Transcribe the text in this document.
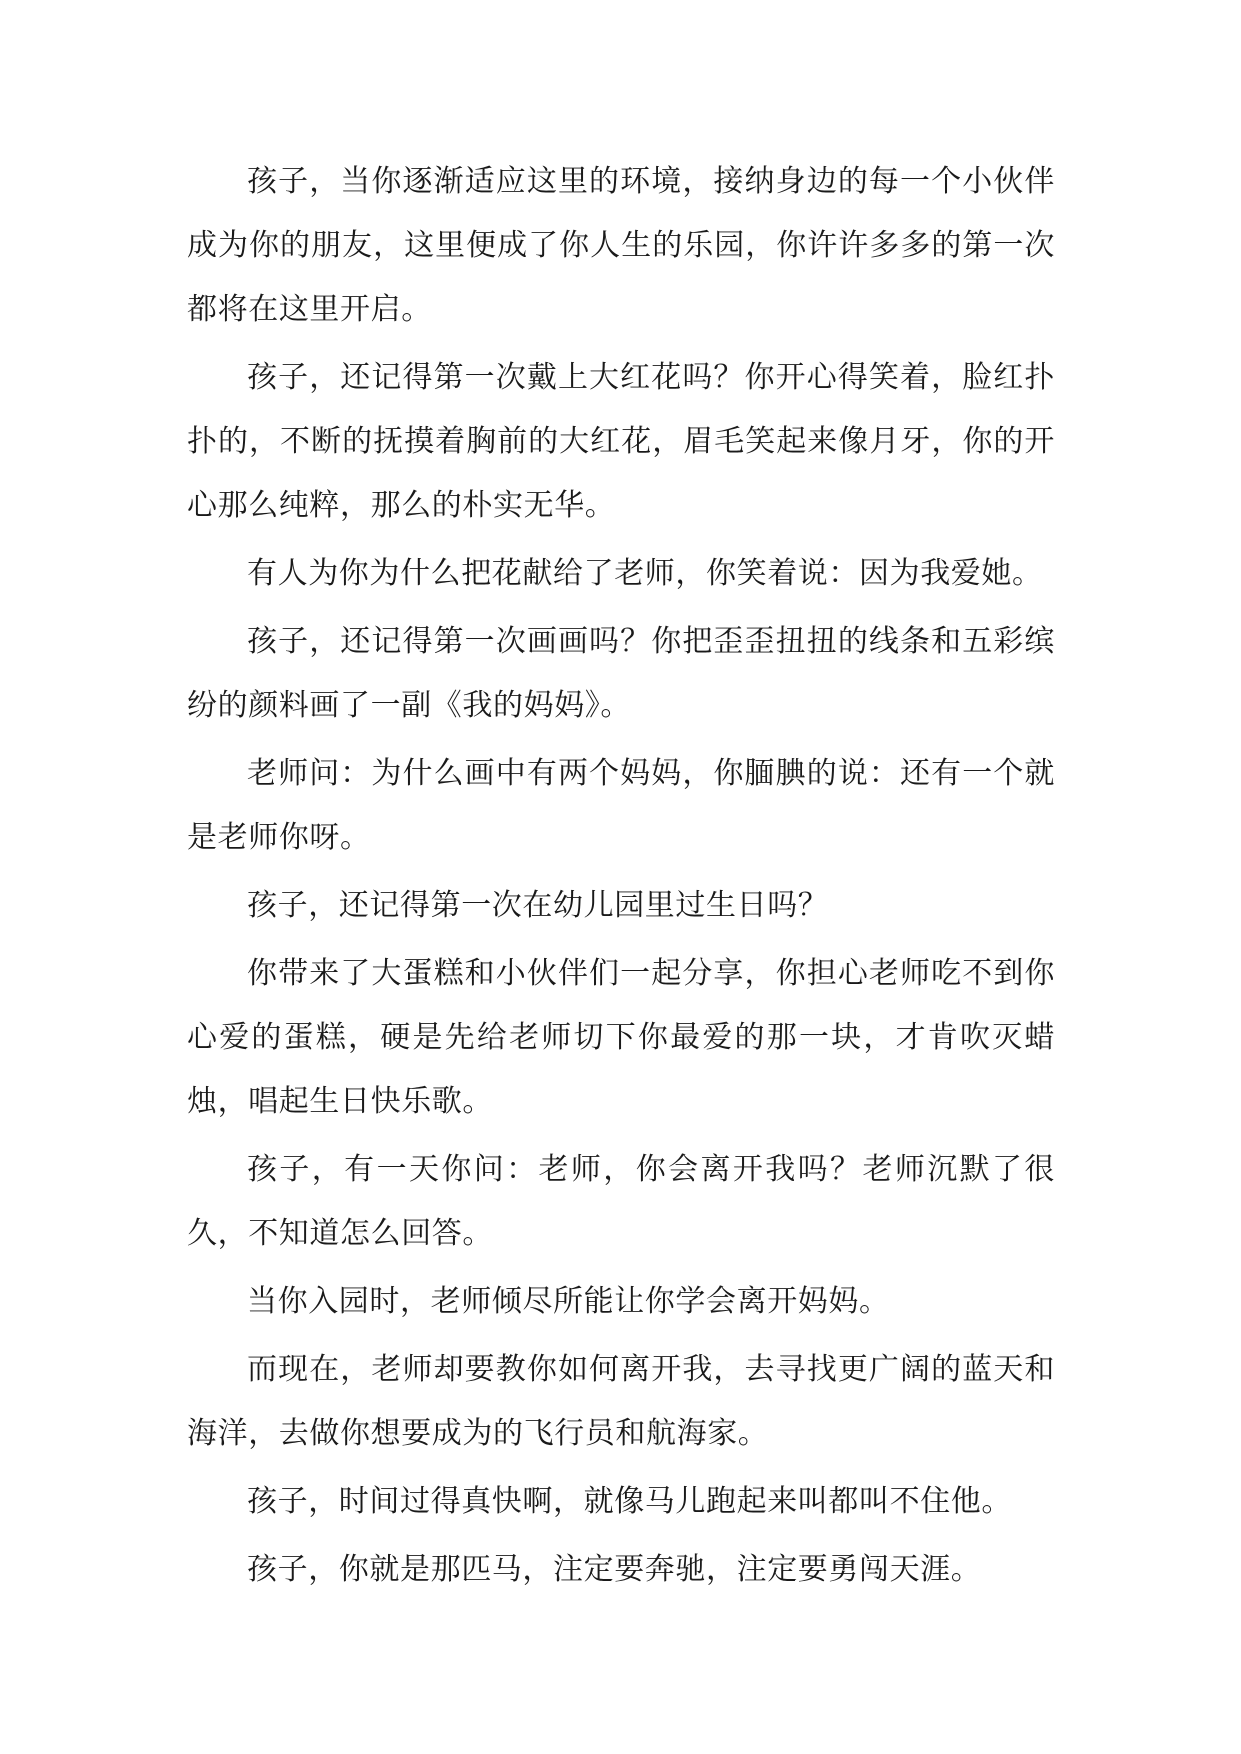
孩子，当你逐渐适应这里的环境，接纳身边的每一个小伙伴成为你的朋友，这里便成了你人生的乐园，你许许多多的第一次都将在这里开启。

孩子，还记得第一次戴上大红花吗？你开心得笑着，脸红扑扑的，不断的抚摸着胸前的大红花，眉毛笑起来像月牙，你的开心那么纯粹，那么的朴实无华。

有人为你为什么把花献给了老师，你笑着说：因为我爱她。

孩子，还记得第一次画画吗？你把歪歪扭扭的线条和五彩缤纷的颜料画了一副《我的妈妈》。

老师问：为什么画中有两个妈妈，你腼腆的说：还有一个就是老师你呀。

孩子，还记得第一次在幼儿园里过生日吗？

你带来了大蛋糕和小伙伴们一起分享，你担心老师吃不到你心爱的蛋糕，硬是先给老师切下你最爱的那一块，才肯吹灭蜡烛，唱起生日快乐歌。

孩子，有一天你问：老师，你会离开我吗？老师沉默了很久，不知道怎么回答。

当你入园时，老师倾尽所能让你学会离开妈妈。

而现在，老师却要教你如何离开我，去寻找更广阔的蓝天和海洋，去做你想要成为的飞行员和航海家。

孩子，时间过得真快啊，就像马儿跑起来叫都叫不住他。

孩子，你就是那匹马，注定要奔驰，注定要勇闯天涯。
